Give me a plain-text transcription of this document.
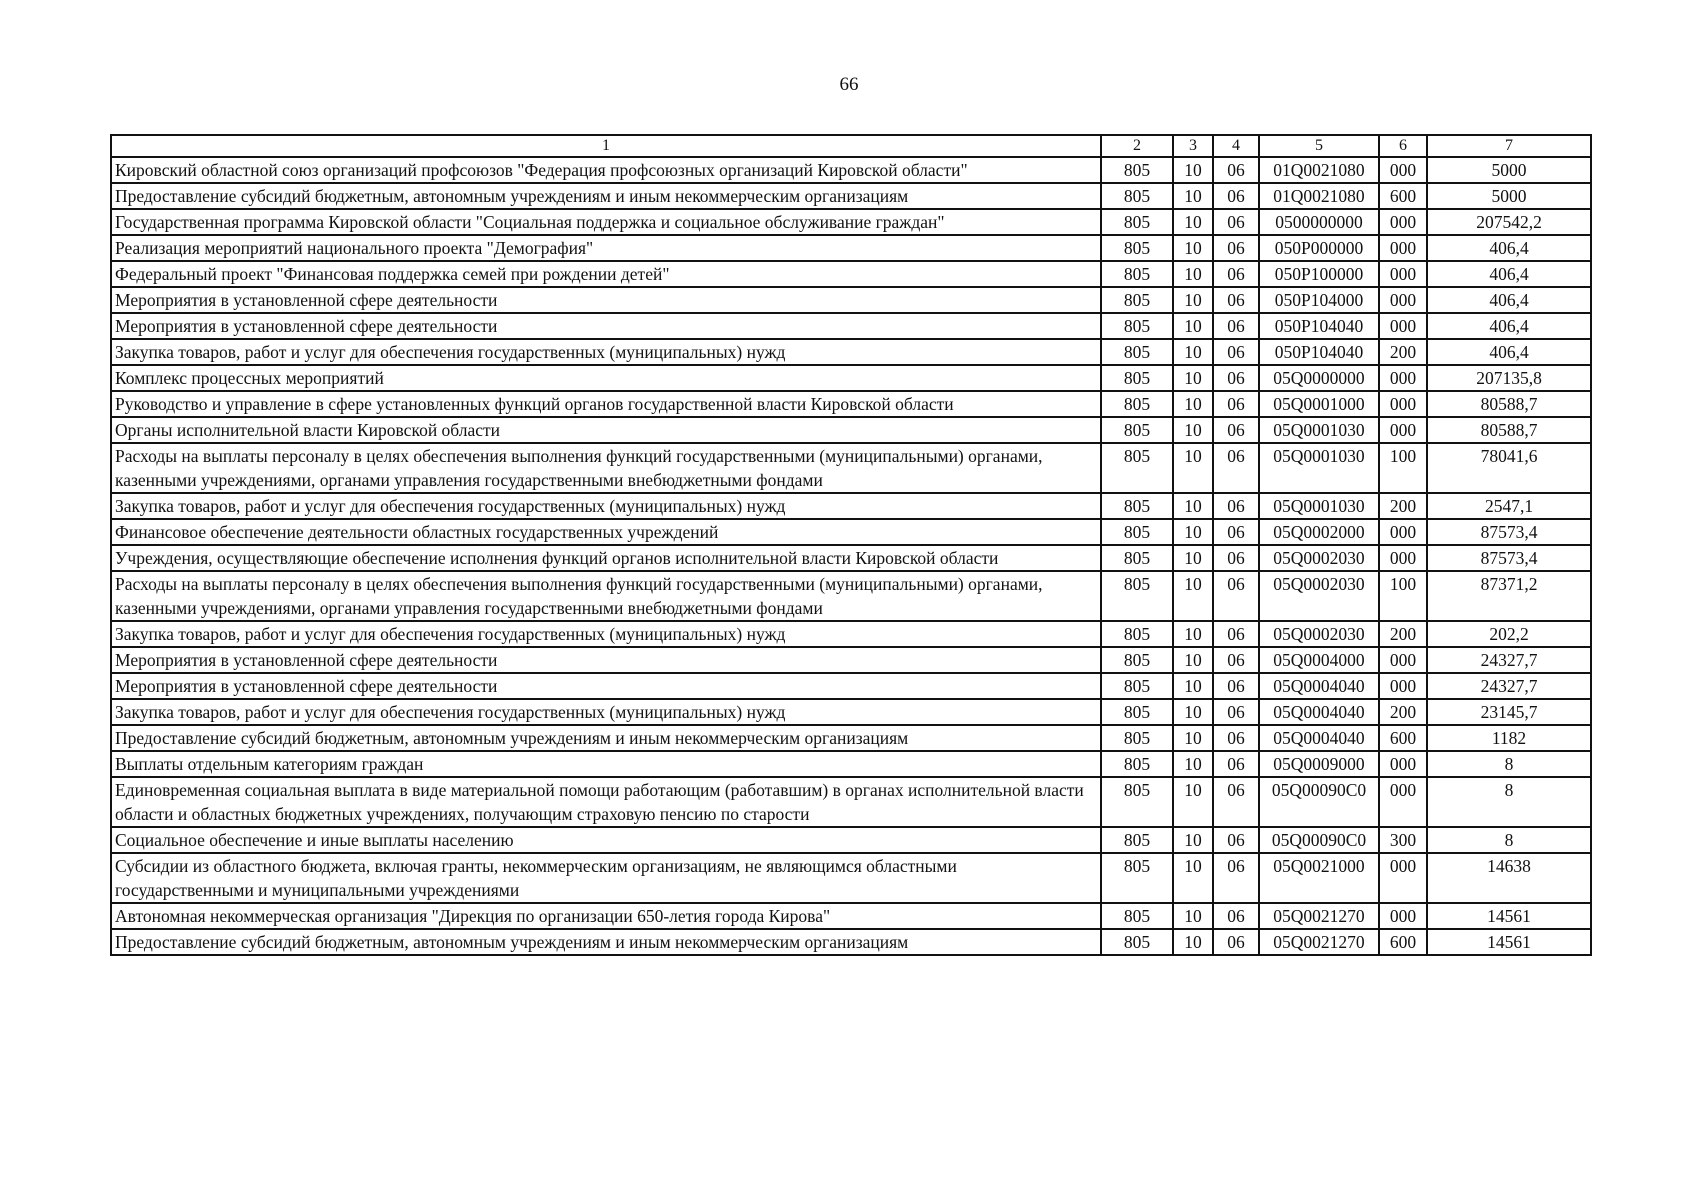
66
1	2	3	4	5	6	7
Кировский областной союз организаций профсоюзов "Федерация профсоюзных организаций Кировской области"	805	10	06	01Q0021080	000	5000
Предоставление субсидий бюджетным, автономным учреждениям и иным некоммерческим организациям	805	10	06	01Q0021080	600	5000
Государственная программа Кировской области "Социальная поддержка и социальное обслуживание граждан"	805	10	06	0500000000	000	207542,2
Реализация мероприятий национального проекта "Демография"	805	10	06	050P000000	000	406,4
Федеральный проект "Финансовая поддержка семей при рождении детей"	805	10	06	050P100000	000	406,4
Мероприятия в установленной сфере деятельности	805	10	06	050P104000	000	406,4
Мероприятия в установленной сфере деятельности	805	10	06	050P104040	000	406,4
Закупка товаров, работ и услуг для обеспечения государственных (муниципальных) нужд	805	10	06	050P104040	200	406,4
Комплекс процессных мероприятий	805	10	06	05Q0000000	000	207135,8
Руководство и управление в сфере установленных функций органов государственной власти Кировской области	805	10	06	05Q0001000	000	80588,7
Органы исполнительной власти Кировской области	805	10	06	05Q0001030	000	80588,7
Расходы на выплаты персоналу в целях обеспечения выполнения функций государственными (муниципальными) органами, казенными учреждениями, органами управления государственными внебюджетными фондами	805	10	06	05Q0001030	100	78041,6
Закупка товаров, работ и услуг для обеспечения государственных (муниципальных) нужд	805	10	06	05Q0001030	200	2547,1
Финансовое обеспечение деятельности областных государственных учреждений	805	10	06	05Q0002000	000	87573,4
Учреждения, осуществляющие обеспечение исполнения функций органов исполнительной власти Кировской области	805	10	06	05Q0002030	000	87573,4
Расходы на выплаты персоналу в целях обеспечения выполнения функций государственными (муниципальными) органами, казенными учреждениями, органами управления государственными внебюджетными фондами	805	10	06	05Q0002030	100	87371,2
Закупка товаров, работ и услуг для обеспечения государственных (муниципальных) нужд	805	10	06	05Q0002030	200	202,2
Мероприятия в установленной сфере деятельности	805	10	06	05Q0004000	000	24327,7
Мероприятия в установленной сфере деятельности	805	10	06	05Q0004040	000	24327,7
Закупка товаров, работ и услуг для обеспечения государственных (муниципальных) нужд	805	10	06	05Q0004040	200	23145,7
Предоставление субсидий бюджетным, автономным учреждениям и иным некоммерческим организациям	805	10	06	05Q0004040	600	1182
Выплаты отдельным категориям граждан	805	10	06	05Q0009000	000	8
Единовременная социальная выплата в виде материальной помощи работающим (работавшим) в органах исполнительной власти области и областных бюджетных учреждениях, получающим страховую пенсию по старости	805	10	06	05Q00090C0	000	8
Социальное обеспечение и иные выплаты населению	805	10	06	05Q00090C0	300	8
Субсидии из областного бюджета, включая гранты, некоммерческим организациям, не являющимся областными государственными и муниципальными учреждениями	805	10	06	05Q0021000	000	14638
Автономная некоммерческая организация "Дирекция по организации 650-летия города Кирова"	805	10	06	05Q0021270	000	14561
Предоставление субсидий бюджетным, автономным учреждениям и иным некоммерческим организациям	805	10	06	05Q0021270	600	14561
